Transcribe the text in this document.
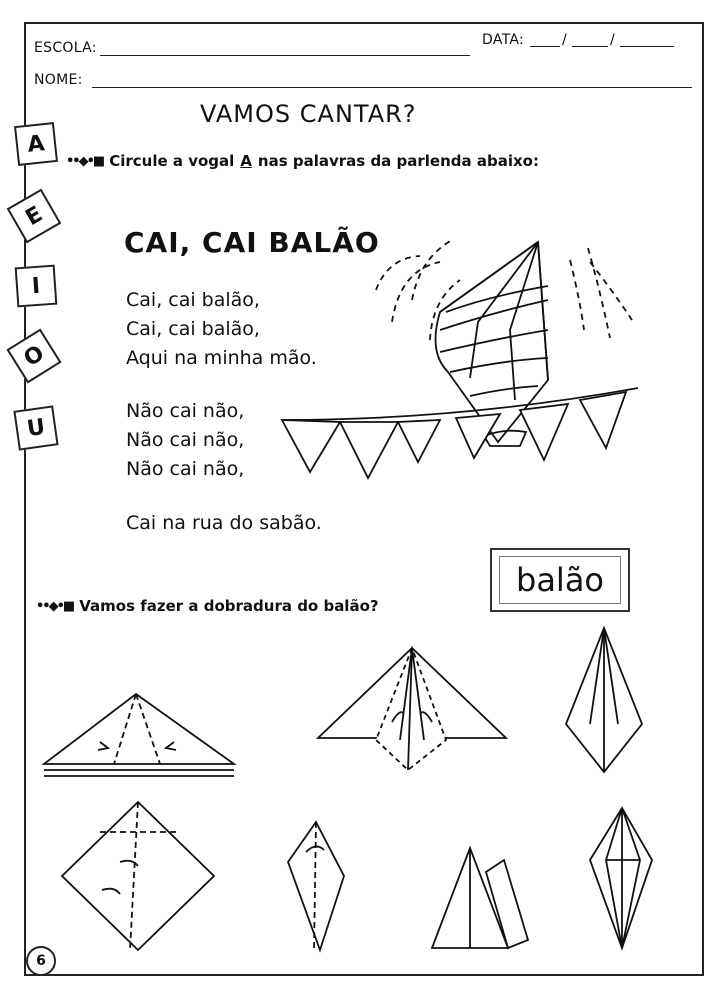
ESCOLA:	DATA:	/	/
NOME:
VAMOS CANTAR?
A
E
I
O
U
••◆•■ Circule a vogal A nas palavras da parlenda abaixo:
CAI, CAI BALÃO
Cai, cai balão,
Cai, cai balão,
Aqui na minha mão.
Não cai não,
Não cai não,
Não cai não,
Cai na rua do sabão.
balão
••◆•■ Vamos fazer a dobradura do balão?
6
